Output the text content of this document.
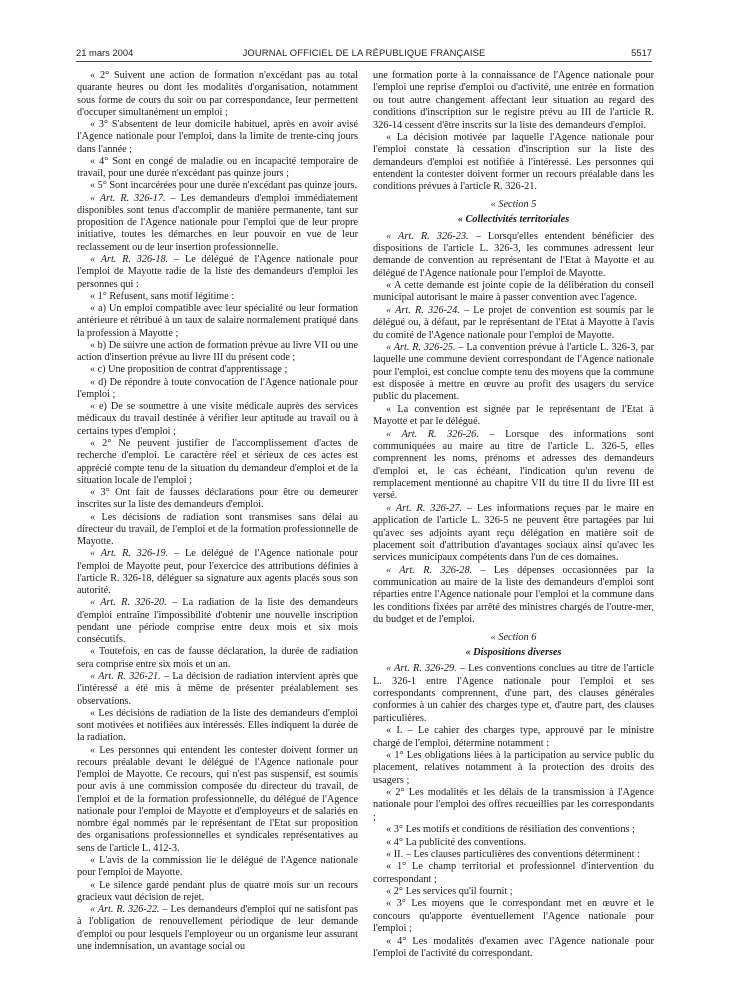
21 mars 2004	JOURNAL OFFICIEL DE LA RÉPUBLIQUE FRANÇAISE	5517

« 2° Suivent une action de formation n'excédant pas au total quarante heures ou dont les modalités d'organisation, notamment sous forme de cours du soir ou par correspondance, leur permettent d'occuper simultanément un emploi ;

« 3° S'absentent de leur domicile habituel, après en avoir avisé l'Agence nationale pour l'emploi, dans la limite de trente-cinq jours dans l'année ;

« 4° Sont en congé de maladie ou en incapacité temporaire de travail, pour une durée n'excédant pas quinze jours ;

« 5° Sont incarcérées pour une durée n'excédant pas quinze jours.

« Art. R. 326-17. – Les demandeurs d'emploi immédiatement disponibles sont tenus d'accomplir de manière permanente, tant sur proposition de l'Agence nationale pour l'emploi que de leur propre initiative, toutes les démarches en leur pouvoir en vue de leur reclassement ou de leur insertion professionnelle.

« Art. R. 326-18. – Le délégué de l'Agence nationale pour l'emploi de Mayotte radie de la liste des demandeurs d'emploi les personnes qui :

« 1° Refusent, sans motif légitime :

« a) Un emploi compatible avec leur spécialité ou leur formation antérieure et rétribué à un taux de salaire normalement pratiqué dans la profession à Mayotte ;

« b) De suivre une action de formation prévue au livre VII ou une action d'insertion prévue au livre III du présent code ;

« c) Une proposition de contrat d'apprentissage ;

« d) De répondre à toute convocation de l'Agence nationale pour l'emploi ;

« e) De se soumettre à une visite médicale auprès des services médicaux du travail destinée à vérifier leur aptitude au travail ou à certains types d'emploi ;

« 2° Ne peuvent justifier de l'accomplissement d'actes de recherche d'emploi. Le caractère réel et sérieux de ces actes est apprécié compte tenu de la situation du demandeur d'emploi et de la situation locale de l'emploi ;

« 3° Ont fait de fausses déclarations pour être ou demeurer inscrites sur la liste des demandeurs d'emploi.

« Les décisions de radiation sont transmises sans délai au directeur du travail, de l'emploi et de la formation professionnelle de Mayotte.

« Art. R. 326-19. – Le délégué de l'Agence nationale pour l'emploi de Mayotte peut, pour l'exercice des attributions définies à l'article R. 326-18, déléguer sa signature aux agents placés sous son autorité.

« Art. R. 326-20. – La radiation de la liste des demandeurs d'emploi entraîne l'impossibilité d'obtenir une nouvelle inscription pendant une période comprise entre deux mois et six mois consécutifs.

« Toutefois, en cas de fausse déclaration, la durée de radiation sera comprise entre six mois et un an.

« Art. R. 326-21. – La décision de radiation intervient après que l'intéressé a été mis à même de présenter préalablement ses observations.

« Les décisions de radiation de la liste des demandeurs d'emploi sont motivées et notifiées aux intéressés. Elles indiquent la durée de la radiation.

« Les personnes qui entendent les contester doivent former un recours préalable devant le délégué de l'Agence nationale pour l'emploi de Mayotte. Ce recours, qui n'est pas suspensif, est soumis pour avis à une commission composée du directeur du travail, de l'emploi et de la formation professionnelle, du délégué de l'Agence nationale pour l'emploi de Mayotte et d'employeurs et de salariés en nombre égal nommés par le représentant de l'Etat sur proposition des organisations professionnelles et syndicales représentatives au sens de l'article L. 412-3.

« L'avis de la commission lie le délégué de l'Agence nationale pour l'emploi de Mayotte.

« Le silence gardé pendant plus de quatre mois sur un recours gracieux vaut décision de rejet.

« Art. R. 326-22. – Les demandeurs d'emploi qui ne satisfont pas à l'obligation de renouvellement périodique de leur demande d'emploi ou pour lesquels l'employeur ou un organisme leur assurant une indemnisation, un avantage social ou

une formation porte à la connaissance de l'Agence nationale pour l'emploi une reprise d'emploi ou d'activité, une entrée en formation ou tout autre changement affectant leur situation au regard des conditions d'inscription sur le registre prévu au III de l'article R. 326-14 cessent d'être inscrits sur la liste des demandeurs d'emploi.

« La décision motivée par laquelle l'Agence nationale pour l'emploi constate la cessation d'inscription sur la liste des demandeurs d'emploi est notifiée à l'intéressé. Les personnes qui entendent la contester doivent former un recours préalable dans les conditions prévues à l'article R. 326-21.

« Section 5

« Collectivités territoriales

« Art. R. 326-23. – Lorsqu'elles entendent bénéficier des dispositions de l'article L. 326-3, les communes adressent leur demande de convention au représentant de l'Etat à Mayotte et au délégué de l'Agence nationale pour l'emploi de Mayotte.

« A cette demande est jointe copie de la délibération du conseil municipal autorisant le maire à passer convention avec l'agence.

« Art. R. 326-24. – Le projet de convention est soumis par le délégué ou, à défaut, par le représentant de l'Etat à Mayotte à l'avis du comité de l'Agence nationale pour l'emploi de Mayotte.

« Art. R. 326-25. – La convention prévue à l'article L. 326-3, par laquelle une commune devient correspondant de l'Agence nationale pour l'emploi, est conclue compte tenu des moyens que la commune est disposée à mettre en œuvre au profit des usagers du service public du placement.

« La convention est signée par le représentant de l'Etat à Mayotte et par le délégué.

« Art. R. 326-26. – Lorsque des informations sont communiquées au maire au titre de l'article L. 326-5, elles comprennent les noms, prénoms et adresses des demandeurs d'emploi et, le cas échéant, l'indication qu'un revenu de remplacement mentionné au chapitre VII du titre II du livre III est versé.

« Art. R. 326-27. – Les informations reçues par le maire en application de l'article L. 326-5 ne peuvent être partagées par lui qu'avec ses adjoints ayant reçu délégation en matière soit de placement soit d'attribution d'avantages sociaux ainsi qu'avec les services municipaux compétents dans l'un de ces domaines.

« Art. R. 326-28. – Les dépenses occasionnées par la communication au maire de la liste des demandeurs d'emploi sont réparties entre l'Agence nationale pour l'emploi et la commune dans les conditions fixées par arrêté des ministres chargés de l'outre-mer, du budget et de l'emploi.

« Section 6

« Dispositions diverses

« Art. R. 326-29. – Les conventions conclues au titre de l'article L. 326-1 entre l'Agence nationale pour l'emploi et ses correspondants comprennent, d'une part, des clauses générales conformes à un cahier des charges type et, d'autre part, des clauses particulières.

« I. – Le cahier des charges type, approuvé par le ministre chargé de l'emploi, détermine notamment :

« 1° Les obligations liées à la participation au service public du placement, relatives notamment à la protection des droits des usagers ;

« 2° Les modalités et les délais de la transmission à l'Agence nationale pour l'emploi des offres recueillies par les correspondants ;

« 3° Les motifs et conditions de résiliation des conventions ;

« 4° La publicité des conventions.

« II. – Les clauses particulières des conventions déterminent :

« 1° Le champ territorial et professionnel d'intervention du correspondant ;

« 2° Les services qu'il fournit ;

« 3° Les moyens que le correspondant met en œuvre et le concours qu'apporte éventuellement l'Agence nationale pour l'emploi ;

« 4° Les modalités d'examen avec l'Agence nationale pour l'emploi de l'activité du correspondant.
